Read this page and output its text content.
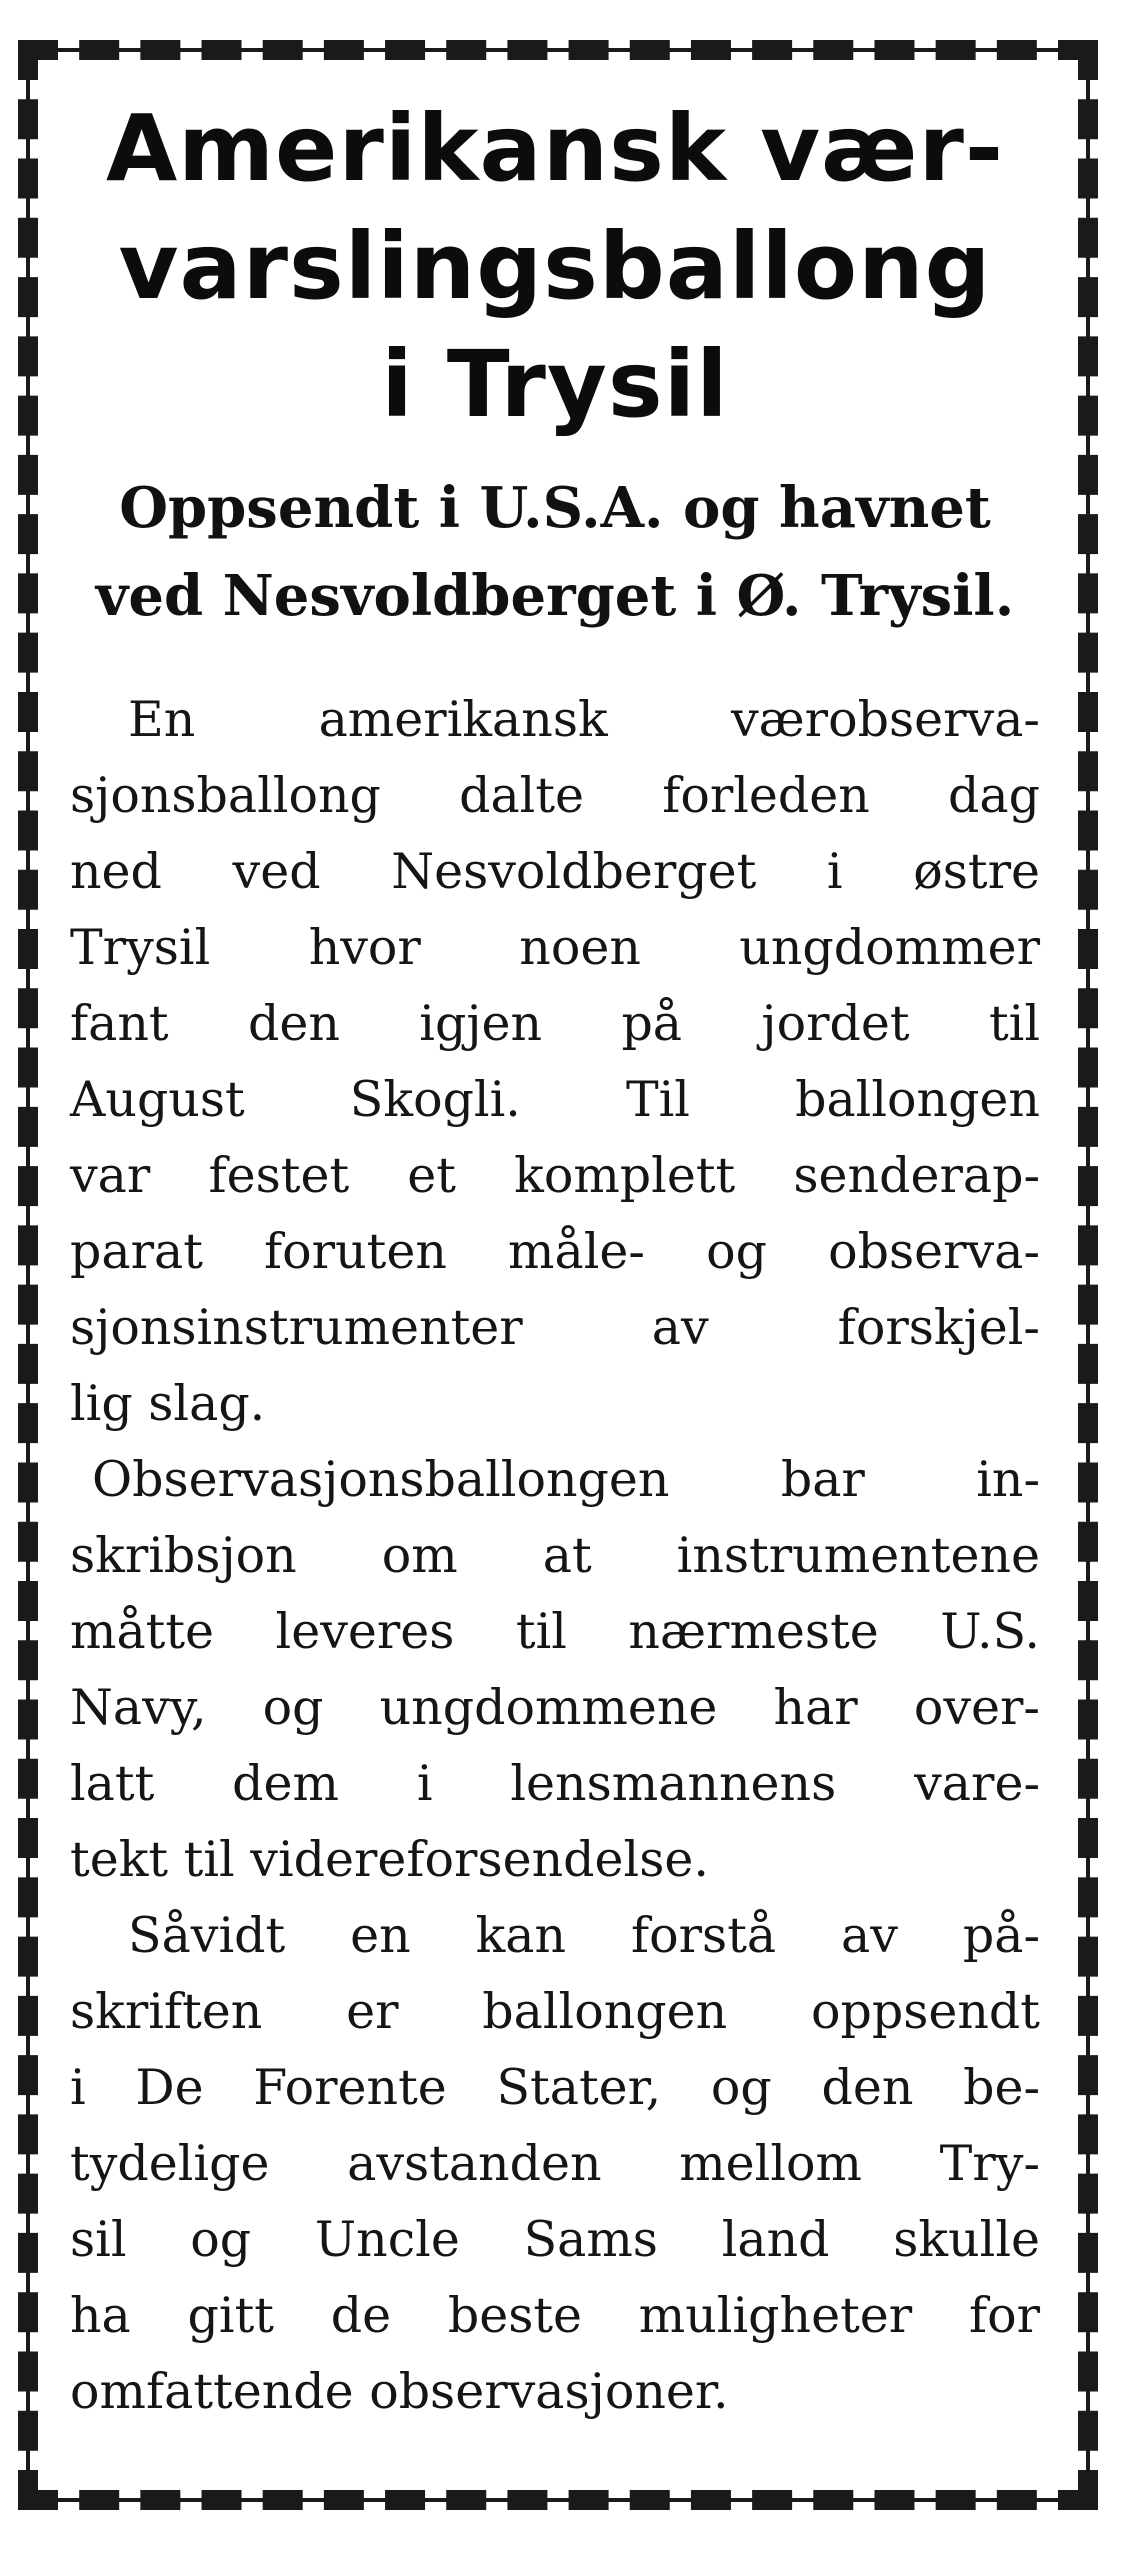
Amerikansk vær-
varslingsballong
i Trysil
Oppsendt i U.S.A. og havnet
ved Nesvoldberget i Ø. Trysil.

En amerikansk værobserva-
sjonsballong dalte forleden dag
ned ved Nesvoldberget i østre
Trysil hvor noen ungdommer
fant den igjen på jordet til
August Skogli. Til ballongen
var festet et komplett senderap-
parat foruten måle- og observa-
sjonsinstrumenter av forskjel-
lig slag.

Observasjonsballongen bar in-
skribsjon om at instrumentene
måtte leveres til nærmeste U.S.
Navy, og ungdommene har over-
latt dem i lensmannens vare-
tekt til videreforsendelse.

Såvidt en kan forstå av på-
skriften er ballongen oppsendt
i De Forente Stater, og den be-
tydelige avstanden mellom Try-
sil og Uncle Sams land skulle
ha gitt de beste muligheter for
omfattende observasjoner.
